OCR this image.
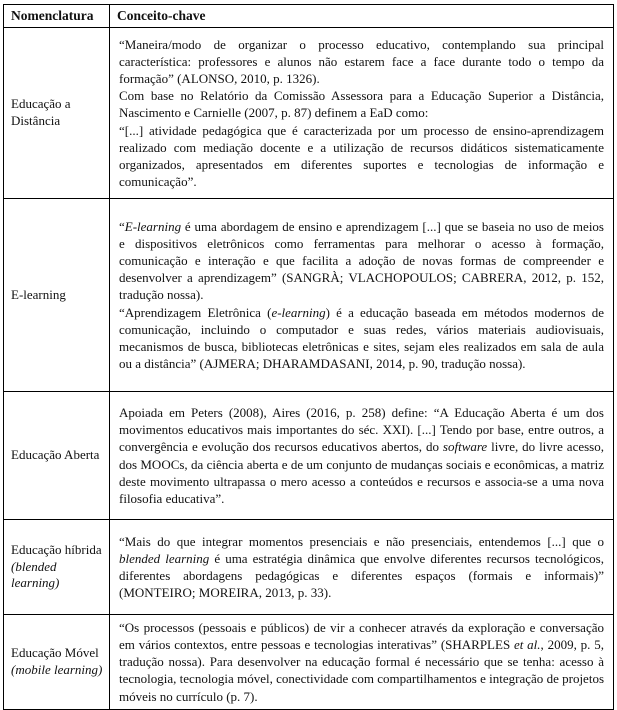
Nomenclatura	Conceito-chave
Educação a Distância	“Maneira/modo de organizar o processo educativo, contemplando sua principal característica: professores e alunos não estarem face a face durante todo o tempo da formação” (ALONSO, 2010, p. 1326).

Com base no Relatório da Comissão Assessora para a Educação Superior a Distância, Nascimento e Carnielle (2007, p. 87) definem a EaD como:

“[...] atividade pedagógica que é caracterizada por um processo de ensino-aprendizagem realizado com mediação docente e a utilização de recursos didáticos sistematicamente organizados, apresentados em diferentes suportes e tecnologias de informação e comunicação”.

E-learning	“E-learning é uma abordagem de ensino e aprendizagem [...] que se baseia no uso de meios e dispositivos eletrônicos como ferramentas para melhorar o acesso à formação, comunicação e interação e que facilita a adoção de novas formas de compreender e desenvolver a aprendizagem” (SANGRÀ; VLACHOPOULOS; CABRERA, 2012, p. 152, tradução nossa).

“Aprendizagem Eletrônica (e-learning) é a educação baseada em métodos modernos de comunicação, incluindo o computador e suas redes, vários materiais audiovisuais, mecanismos de busca, bibliotecas eletrônicas e sites, sejam eles realizados em sala de aula ou a distância” (AJMERA; DHARAMDASANI, 2014, p. 90, tradução nossa).

Educação Aberta	Apoiada em Peters (2008), Aires (2016, p. 258) define: “A Educação Aberta é um dos movimentos educativos mais importantes do séc. XXI). [...] Tendo por base, entre outros, a convergência e evolução dos recursos educativos abertos, do software livre, do livre acesso, dos MOOCs, da ciência aberta e de um conjunto de mudanças sociais e econômicas, a matriz deste movimento ultrapassa o mero acesso a conteúdos e recursos e associa-se a uma nova filosofia educativa”.

Educação híbrida (blended learning)	“Mais do que integrar momentos presenciais e não presenciais, entendemos [...] que o blended learning é uma estratégia dinâmica que envolve diferentes recursos tecnológicos, diferentes abordagens pedagógicas e diferentes espaços (formais e informais)” (MONTEIRO; MOREIRA, 2013, p. 33).

Educação Móvel (mobile learning)	“Os processos (pessoais e públicos) de vir a conhecer através da exploração e conversação em vários contextos, entre pessoas e tecnologias interativas” (SHARPLES et al., 2009, p. 5, tradução nossa). Para desenvolver na educação formal é necessário que se tenha: acesso à tecnologia, tecnologia móvel, conectividade com compartilhamentos e integração de projetos móveis no currículo (p. 7).
